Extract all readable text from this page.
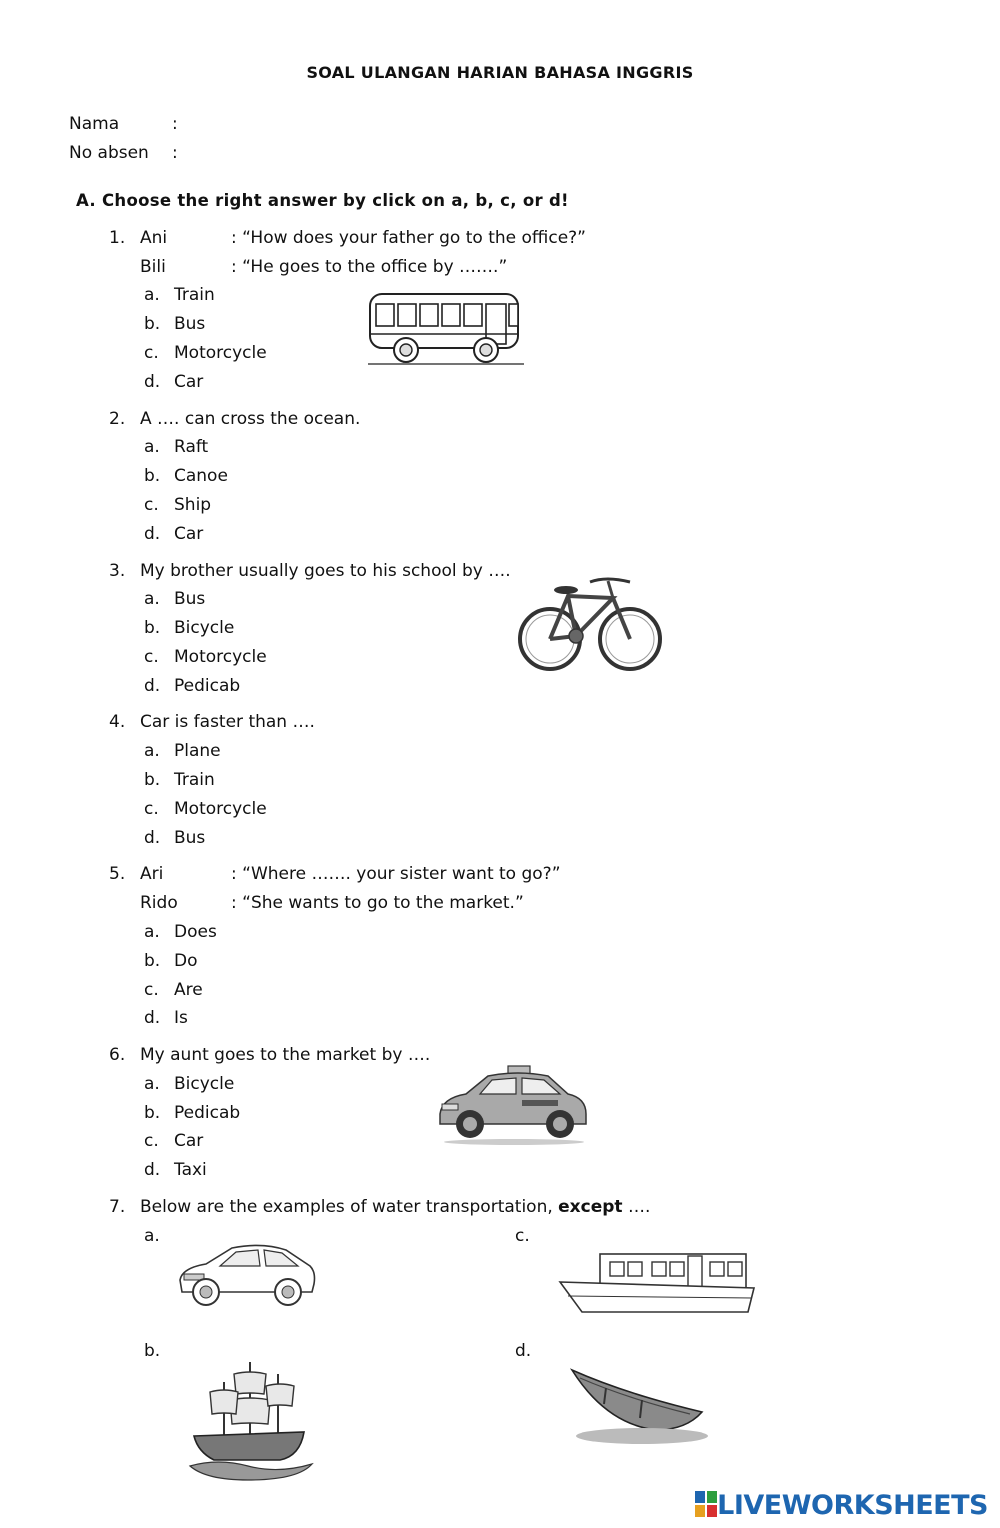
SOAL ULANGAN HARIAN BAHASA INGGRIS
Nama	:
No absen :
A. Choose the right answer by click on a, b, c, or d!
1. Ani	: “How does your father go to the office?”
Bili	: “He goes to the office by …….”
a. Train
b. Bus
c. Motorcycle
d. Car
2. A …. can cross the ocean.
a. Raft
b. Canoe
c. Ship
d. Car
3. My brother usually goes to his school by ….
a. Bus
b. Bicycle
c. Motorcycle
d. Pedicab
4. Car is faster than ….
a. Plane
b. Train
c. Motorcycle
d. Bus
5. Ari	: “Where ……. your sister want to go?”
Rido	: “She wants to go to the market.”
a. Does
b. Do
c. Are
d. Is
6. My aunt goes to the market by ….
a. Bicycle
b. Pedicab
c. Car
d. Taxi
7. Below are the examples of water transportation, except ….
a.
b.
c.
d.
LIVEWORKSHEETS
